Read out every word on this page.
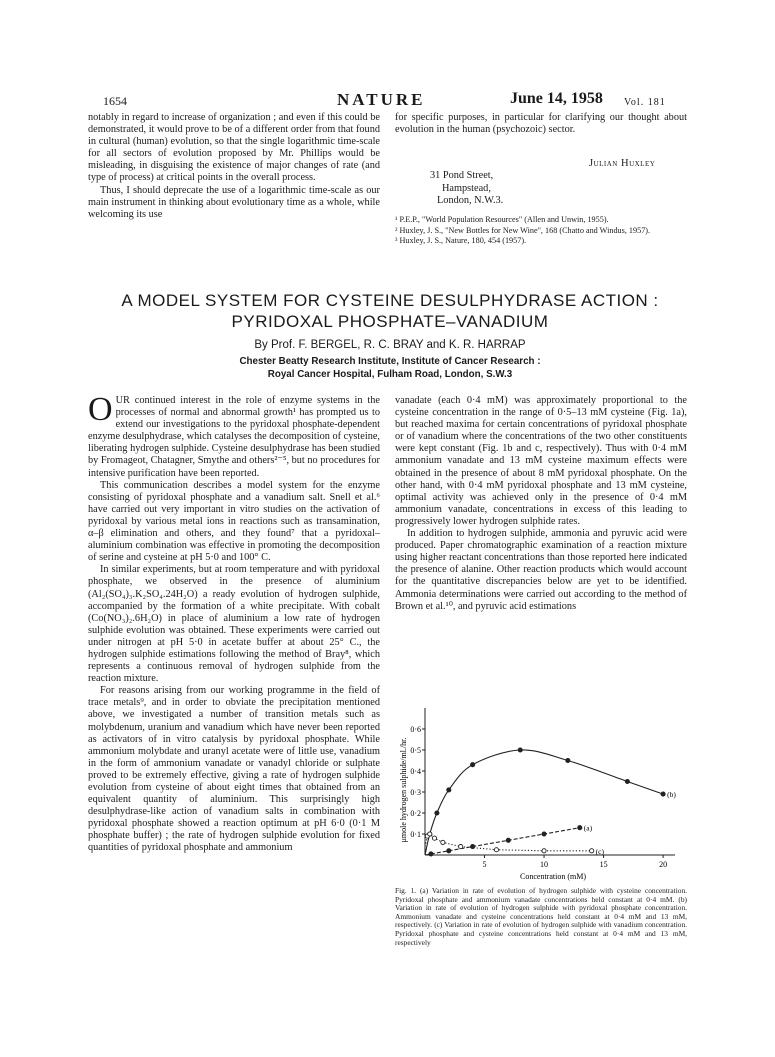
1654	NATURE	June 14, 1958 Vol. 181

notably in regard to increase of organization ; and even if this could be demonstrated, it would prove to be of a different order from that found in cultural (human) evolution, so that the single logarithmic time-scale for all sectors of evolution proposed by Mr. Phillips would be misleading, in disguising the existence of major changes of rate (and type of process) at critical points in the overall process.

Thus, I should deprecate the use of a logarithmic time-scale as our main instrument in thinking about evolutionary time as a whole, while welcoming its use

for specific purposes, in particular for clarifying our thought about evolution in the human (psychozoic) sector.

Julian Huxley
31 Pond Street,
Hampstead,
London, N.W.3.
¹ P.E.P., "World Population Resources" (Allen and Unwin, 1955).
² Huxley, J. S., "New Bottles for New Wine", 168 (Chatto and Windus, 1957).
³ Huxley, J. S., Nature, 180, 454 (1957).
A MODEL SYSTEM FOR CYSTEINE DESULPHYDRASE ACTION :
PYRIDOXAL PHOSPHATE–VANADIUM
By Prof. F. BERGEL, R. C. BRAY and K. R. HARRAP
Chester Beatty Research Institute, Institute of Cancer Research :
Royal Cancer Hospital, Fulham Road, London, S.W.3

OUR continued interest in the role of enzyme systems in the processes of normal and abnormal growth¹ has prompted us to extend our investigations to the pyridoxal phosphate-dependent enzyme desulphydrase, which catalyses the decomposition of cysteine, liberating hydrogen sulphide. Cysteine desulphydrase has been studied by Fromageot, Chatagner, Smythe and others²⁻⁵, but no procedures for intensive purification have been reported.

This communication describes a model system for the enzyme consisting of pyridoxal phosphate and a vanadium salt. Snell et al.⁶ have carried out very important in vitro studies on the activation of pyridoxal by various metal ions in reactions such as transamination, α–β elimination and others, and they found⁷ that a pyridoxal–aluminium combination was effective in promoting the decomposition of serine and cysteine at pH 5·0 and 100° C.

In similar experiments, but at room temperature and with pyridoxal phosphate, we observed in the presence of aluminium (Al₂(SO₄)₃.K₂SO₄.24H₂O) a ready evolution of hydrogen sulphide, accompanied by the formation of a white precipitate. With cobalt (Co(NO₃)₂.6H₂O) in place of aluminium a low rate of hydrogen sulphide evolution was obtained. These experiments were carried out under nitrogen at pH 5·0 in acetate buffer at about 25° C., the hydrogen sulphide estimations following the method of Bray⁸, which represents a continuous removal of hydrogen sulphide from the reaction mixture.

For reasons arising from our working programme in the field of trace metals⁹, and in order to obviate the precipitation mentioned above, we investigated a number of transition metals such as molybdenum, uranium and vanadium which have never been reported as activators of in vitro catalysis by pyridoxal phosphate. While ammonium molybdate and uranyl acetate were of little use, vanadium in the form of ammonium vanadate or vanadyl chloride or sulphate proved to be extremely effective, giving a rate of hydrogen sulphide evolution from cysteine of about eight times that obtained from an equivalent quantity of aluminium. This surprisingly high desulphydrase-like action of vanadium salts in combination with pyridoxal phosphate showed a reaction optimum at pH 6·0 (0·1 M phosphate buffer) ; the rate of hydrogen sulphide evolution for fixed quantities of pyridoxal phosphate and ammonium

vanadate (each 0·4 mM) was approximately proportional to the cysteine concentration in the range of 0·5–13 mM cysteine (Fig. 1a), but reached maxima for certain concentrations of pyridoxal phosphate or of vanadium where the concentrations of the two other constituents were kept constant (Fig. 1b and c, respectively). Thus with 0·4 mM ammonium vanadate and 13 mM cysteine maximum effects were obtained in the presence of about 8 mM pyridoxal phosphate. On the other hand, with 0·4 mM pyridoxal phosphate and 13 mM cysteine, optimal activity was achieved only in the presence of 0·4 mM ammonium vanadate, concentrations in excess of this leading to progressively lower hydrogen sulphide rates.

In addition to hydrogen sulphide, ammonia and pyruvic acid were produced. Paper chromatographic examination of a reaction mixture using higher reactant concentrations than those reported here indicated the presence of alanine. Other reaction products which would account for the quantitative discrepancies below are yet to be identified. Ammonia determinations were carried out according to the method of Brown et al.¹⁰, and pyruvic acid estimations

μmole hydrogen sulphide/ml./hr.
Concentration (mM)
5	10	15	20
0·1
0·2
0·3
0·4
0·5
0·6
(b)
(a)
(c)
Fig. 1. (a) Variation in rate of evolution of hydrogen sulphide with cysteine concentration. Pyridoxal phosphate and ammonium vanadate concentrations held constant at 0·4 mM. (b) Variation in rate of evolution of hydrogen sulphide with pyridoxal phosphate concentration. Ammonium vanadate and cysteine concentrations held constant at 0·4 mM and 13 mM, respectively. (c) Variation in rate of evolution of hydrogen sulphide with vanadium concentration. Pyridoxal phosphate and cysteine concentrations held constant at 0·4 mM and 13 mM, respectively
